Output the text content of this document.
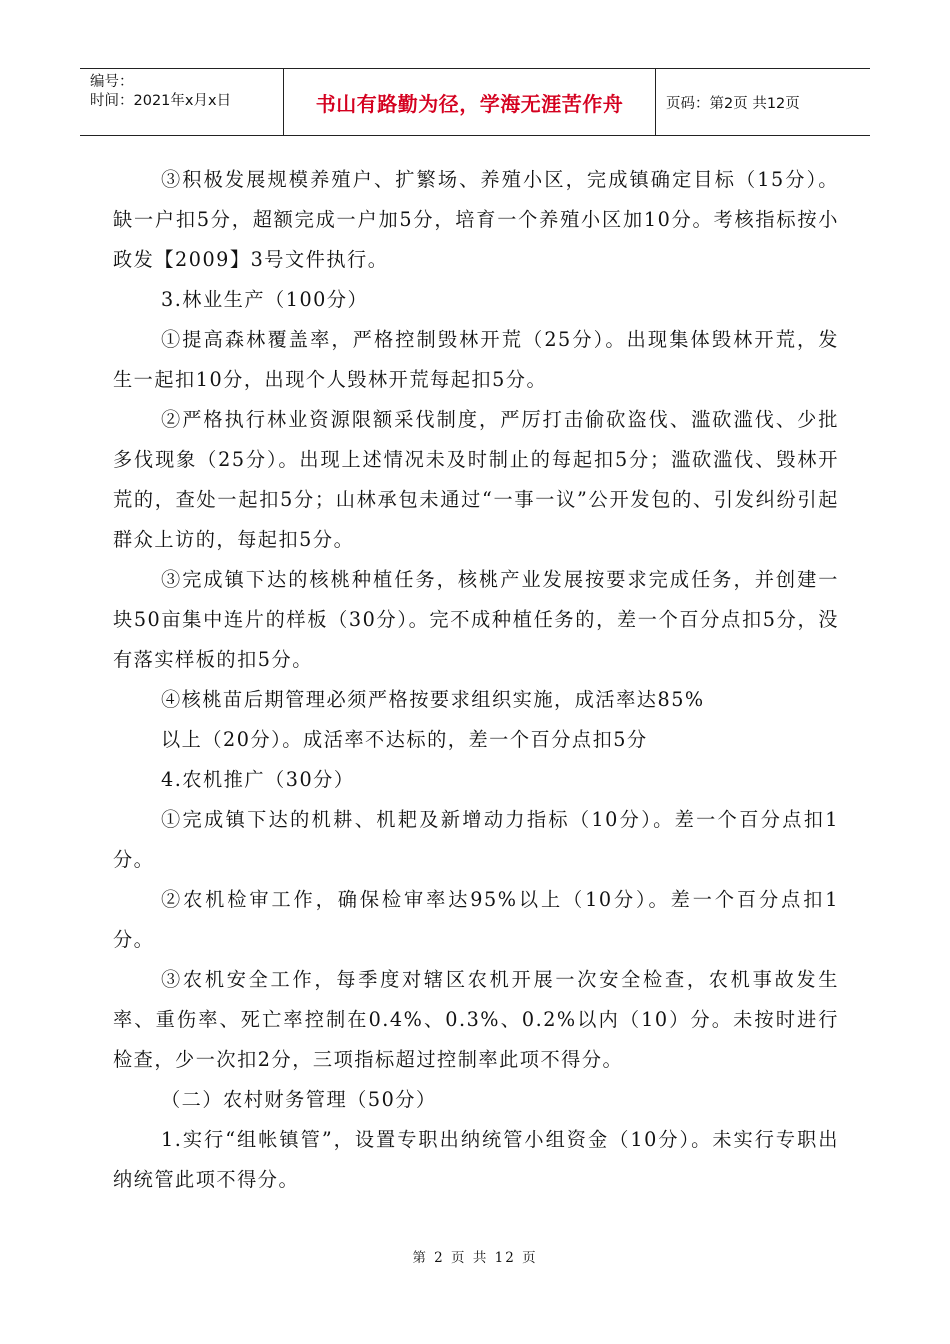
编号：
时间：2021年x月x日	书山有路勤为径，学海无涯苦作舟	页码：第2页 共12页

③积极发展规模养殖户、扩繁场、养殖小区，完成镇确定目标（15分）。缺一户扣5分，超额完成一户加5分，培育一个养殖小区加10分。考核指标按小政发【2009】3号文件执行。

3.林业生产（100分）

①提高森林覆盖率，严格控制毁林开荒（25分）。出现集体毁林开荒，发生一起扣10分，出现个人毁林开荒每起扣5分。

②严格执行林业资源限额采伐制度，严厉打击偷砍盗伐、滥砍滥伐、少批多伐现象（25分）。出现上述情况未及时制止的每起扣5分；滥砍滥伐、毁林开荒的，查处一起扣5分；山林承包未通过“一事一议”公开发包的、引发纠纷引起群众上访的，每起扣5分。

③完成镇下达的核桃种植任务，核桃产业发展按要求完成任务，并创建一块50亩集中连片的样板（30分）。完不成种植任务的，差一个百分点扣5分，没有落实样板的扣5分。

④核桃苗后期管理必须严格按要求组织实施，成活率达85%

以上（20分）。成活率不达标的，差一个百分点扣5分

4.农机推广（30分）

①完成镇下达的机耕、机耙及新增动力指标（10分）。差一个百分点扣1分。

②农机检审工作，确保检审率达95%以上（10分）。差一个百分点扣1分。

③农机安全工作，每季度对辖区农机开展一次安全检查，农机事故发生率、重伤率、死亡率控制在0.4%、0.3%、0.2%以内（10）分。未按时进行检查，少一次扣2分，三项指标超过控制率此项不得分。

（二）农村财务管理（50分）

1.实行“组帐镇管”，设置专职出纳统管小组资金（10分）。未实行专职出纳统管此项不得分。

第 2 页 共 12 页
